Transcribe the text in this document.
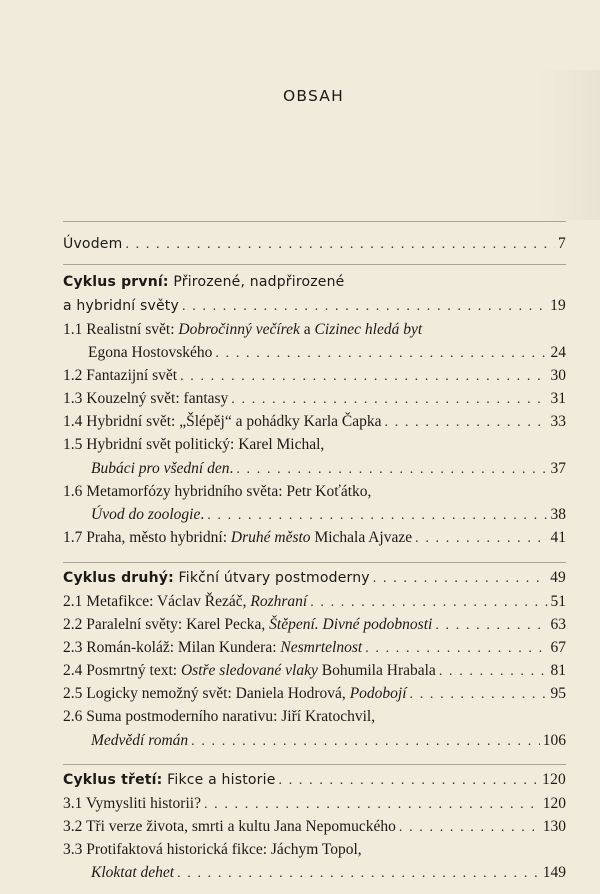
OBSAH
Úvodem . . .	7
Cyklus první: Přirozené, nadpřirozené
a hybridní světy . . .	19
1.1 Realistní svět: Dobročinný večírek a Cizinec hledá byt
Egona Hostovského . . .	24
1.2 Fantazijní svět . . .	30
1.3 Kouzelný svět: fantasy . . .	31
1.4 Hybridní svět: „Šlépěj“ a pohádky Karla Čapka . . .	33
1.5 Hybridní svět politický: Karel Michal,
Bubáci pro všední den. . . .	37
1.6 Metamorfózy hybridního světa: Petr Koťátko,
Úvod do zoologie. . . .	38
1.7 Praha, město hybridní: Druhé město Michala Ajvaze . . .	41
Cyklus druhý: Fikční útvary postmoderny . . .	49
2.1 Metafikce: Václav Řezáč, Rozhraní . . .	51
2.2 Paralelní světy: Karel Pecka, Štěpení. Divné podobnosti . . .	63
2.3 Román-koláž: Milan Kundera: Nesmrtelnost . . .	67
2.4 Posmrtný text: Ostře sledované vlaky Bohumila Hrabala . . .	81
2.5 Logicky nemožný svět: Daniela Hodrová, Podobojí . . .	95
2.6 Suma postmoderního narativu: Jiří Kratochvil,
Medvědí román . . .	106
Cyklus třetí: Fikce a historie . . .	120
3.1 Vymysliti historii? . . .	120
3.2 Tři verze života, smrti a kultu Jana Nepomuckého . . .	130
3.3 Protifaktová historická fikce: Jáchym Topol,
Kloktat dehet . . .	149
